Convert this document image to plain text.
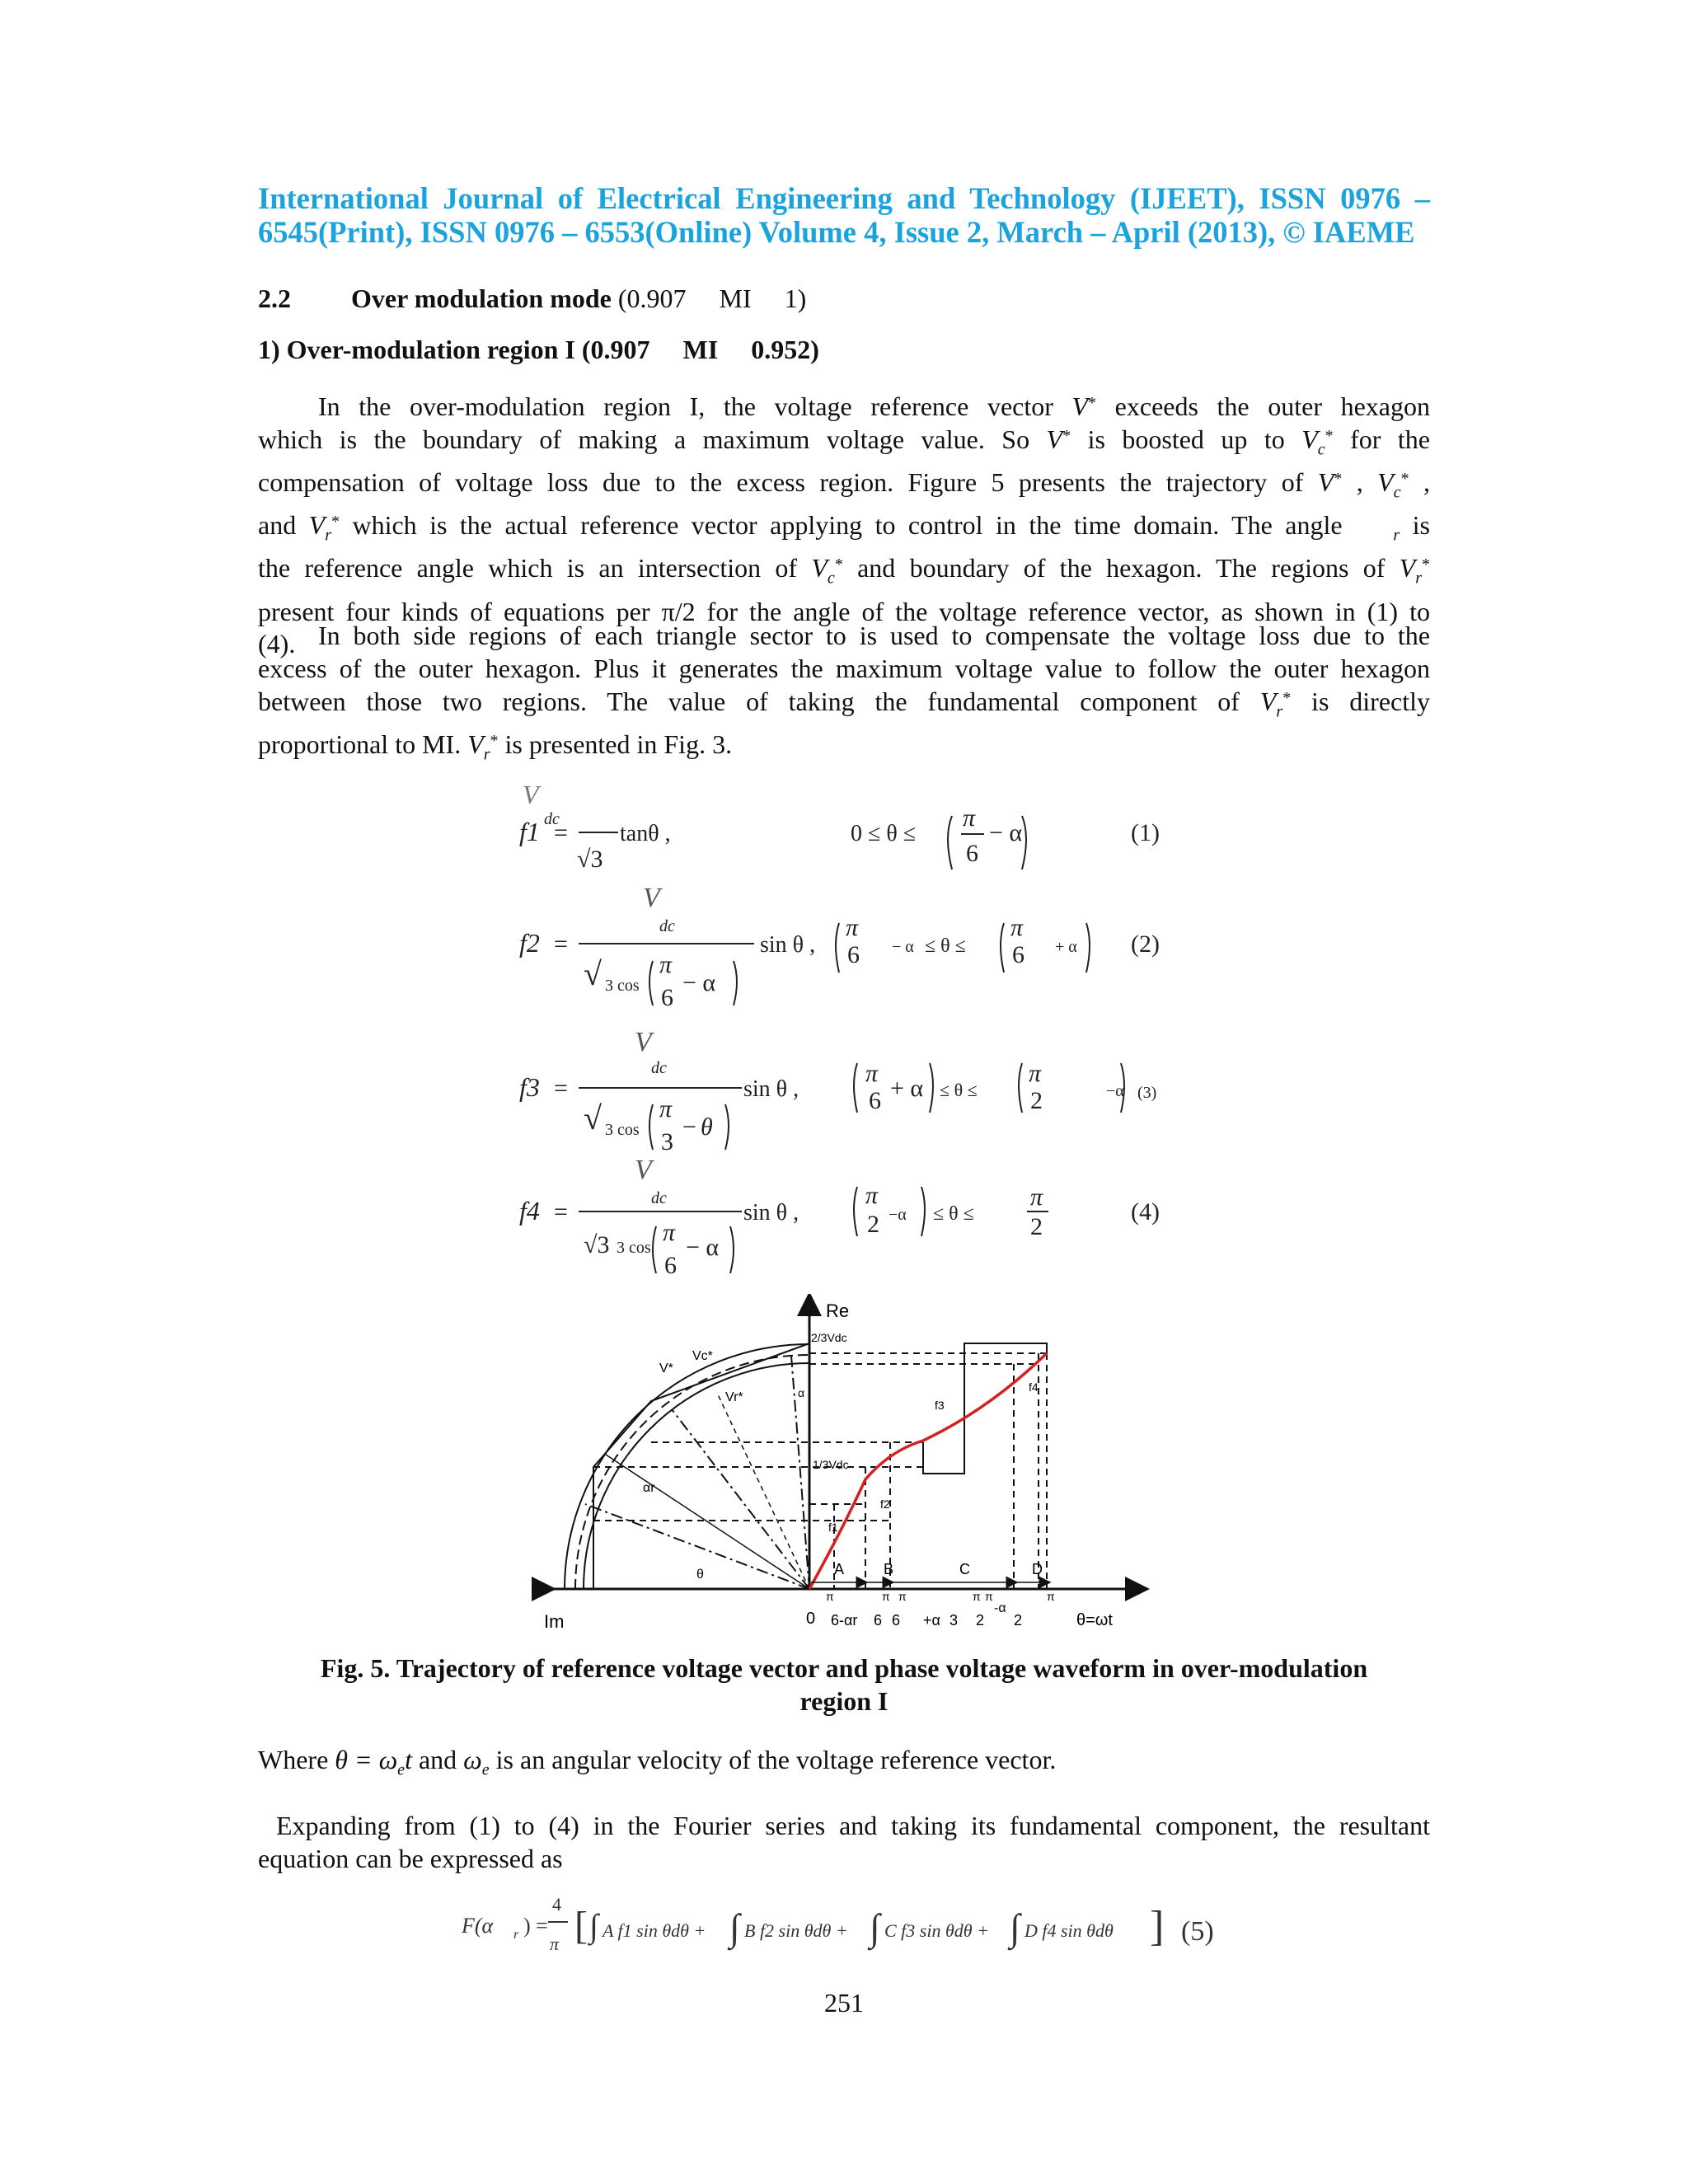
International Journal of Electrical Engineering and Technology (IJEET), ISSN 0976 –
6545(Print), ISSN 0976 – 6553(Online) Volume 4, Issue 2, March – April (2013), © IAEME
2.2 Over modulation mode (0.907     MI     1)
1) Over-modulation region I (0.907     MI     0.952)
In the over-modulation region I, the voltage reference vector V* exceeds the outer hexagon
which is the boundary of making a maximum voltage value. So V* is boosted up to $V_c^*$ for the
compensation of voltage loss due to the excess region. Figure 5 presents the trajectory of V* , $V_c^*$ ,
and $V_r^*$ which is the actual reference vector applying to control in the time domain. The angle    $_r$ is
the reference angle which is an intersection of $V_c^*$ and boundary of the hexagon. The regions of $V_r^*$
present four kinds of equations per π/2 for the angle of the voltage reference vector, as shown in (1) to
(4). In both side regions of each triangle sector to is used to compensate the voltage loss due to the
excess of the outer hexagon. Plus it generates the maximum voltage value to follow the outer hexagon
between those two regions. The value of taking the fundamental component of $V_r^*$ is directly
proportional to MI. $V_r^*$ is presented in Fig. 3.
V
dc
f1 =
√3
tanθ ,	0 ≤ θ ≤
π
6
− α	(1)
V
dc
f2 =
√ 3 cos
π
6
− α
sin θ ,
π
6 − α ≤ θ ≤
π
6 + α (2)
V
dc
f3 =
√ 3 cos
π
3
− θ
sin θ ,
π
6 + α ≤ θ ≤
π
2	−α (3)
V
dc
f4 =
√3 3 cos
π
6
− α
sin θ ,
π
2 −α ≤ θ ≤
π
2
(4)
Re
Im
2/3Vdc
1/3Vdc
V*
Vc*
Vr*
αr
α
θ
f1
f2
f3
f4
A	B	C	D
0 6-αr 6 6 +α 3 2
-α
2	θ=ωt
π	π π	π π	π
Fig. 5. Trajectory of reference voltage vector and phase voltage waveform in over-modulation
region I
Where $\theta = \omega_et$ and $\omega_e$ is an angular velocity of the voltage reference vector.
Expanding from (1) to (4) in the Fourier series and taking its fundamental component, the resultant
equation can be expressed as
F(α r ) =
4
π [ ∫ A f1 sin θdθ + ∫ B f2 sin θdθ + ∫ C f3 sin θdθ + ∫ D f4 sin θdθ ] (5)
251
